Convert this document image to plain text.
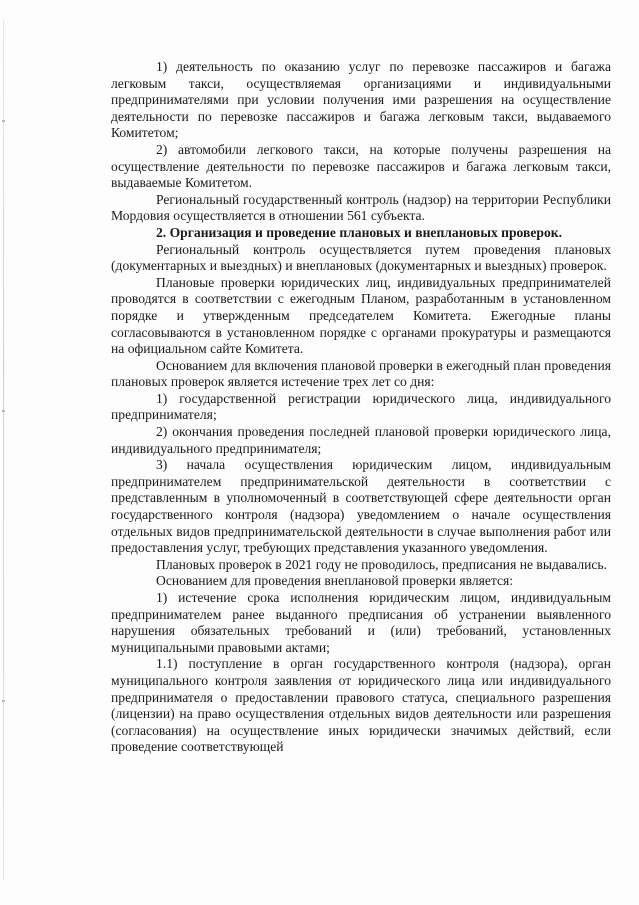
1) деятельность по оказанию услуг по перевозке пассажиров и багажа легковым такси, осуществляемая организациями и индивидуальными предпринимателями при условии получения ими разрешения на осуществление деятельности по перевозке пассажиров и багажа легковым такси, выдаваемого Комитетом;

2) автомобили легкового такси, на которые получены разрешения на осуществление деятельности по перевозке пассажиров и багажа легковым такси, выдаваемые Комитетом.

Региональный государственный контроль (надзор) на территории Республики Мордовия осуществляется в отношении 561 субъекта.

2. Организация и проведение плановых и внеплановых проверок.

Региональный контроль осуществляется путем проведения плановых (документарных и выездных) и внеплановых (документарных и выездных) проверок.

Плановые проверки юридических лиц, индивидуальных предпринимателей проводятся в соответствии с ежегодным Планом, разработанным в установленном порядке и утвержденным председателем Комитета. Ежегодные планы согласовываются в установленном порядке с органами прокуратуры и размещаются на официальном сайте Комитета.

Основанием для включения плановой проверки в ежегодный план проведения плановых проверок является истечение трех лет со дня:

1) государственной регистрации юридического лица, индивидуального предпринимателя;

2) окончания проведения последней плановой проверки юридического лица, индивидуального предпринимателя;

3) начала осуществления юридическим лицом, индивидуальным предпринимателем предпринимательской деятельности в соответствии с представленным в уполномоченный в соответствующей сфере деятельности орган государственного контроля (надзора) уведомлением о начале осуществления отдельных видов предпринимательской деятельности в случае выполнения работ или предоставления услуг, требующих представления указанного уведомления.

Плановых проверок в 2021 году не проводилось, предписания не выдавались.

Основанием для проведения внеплановой проверки является:

1) истечение срока исполнения юридическим лицом, индивидуальным предпринимателем ранее выданного предписания об устранении выявленного нарушения обязательных требований и (или) требований, установленных муниципальными правовыми актами;

1.1) поступление в орган государственного контроля (надзора), орган муниципального контроля заявления от юридического лица или индивидуального предпринимателя о предоставлении правового статуса, специального разрешения (лицензии) на право осуществления отдельных видов деятельности или разрешения (согласования) на осуществление иных юридически значимых действий, если проведение соответствующей
